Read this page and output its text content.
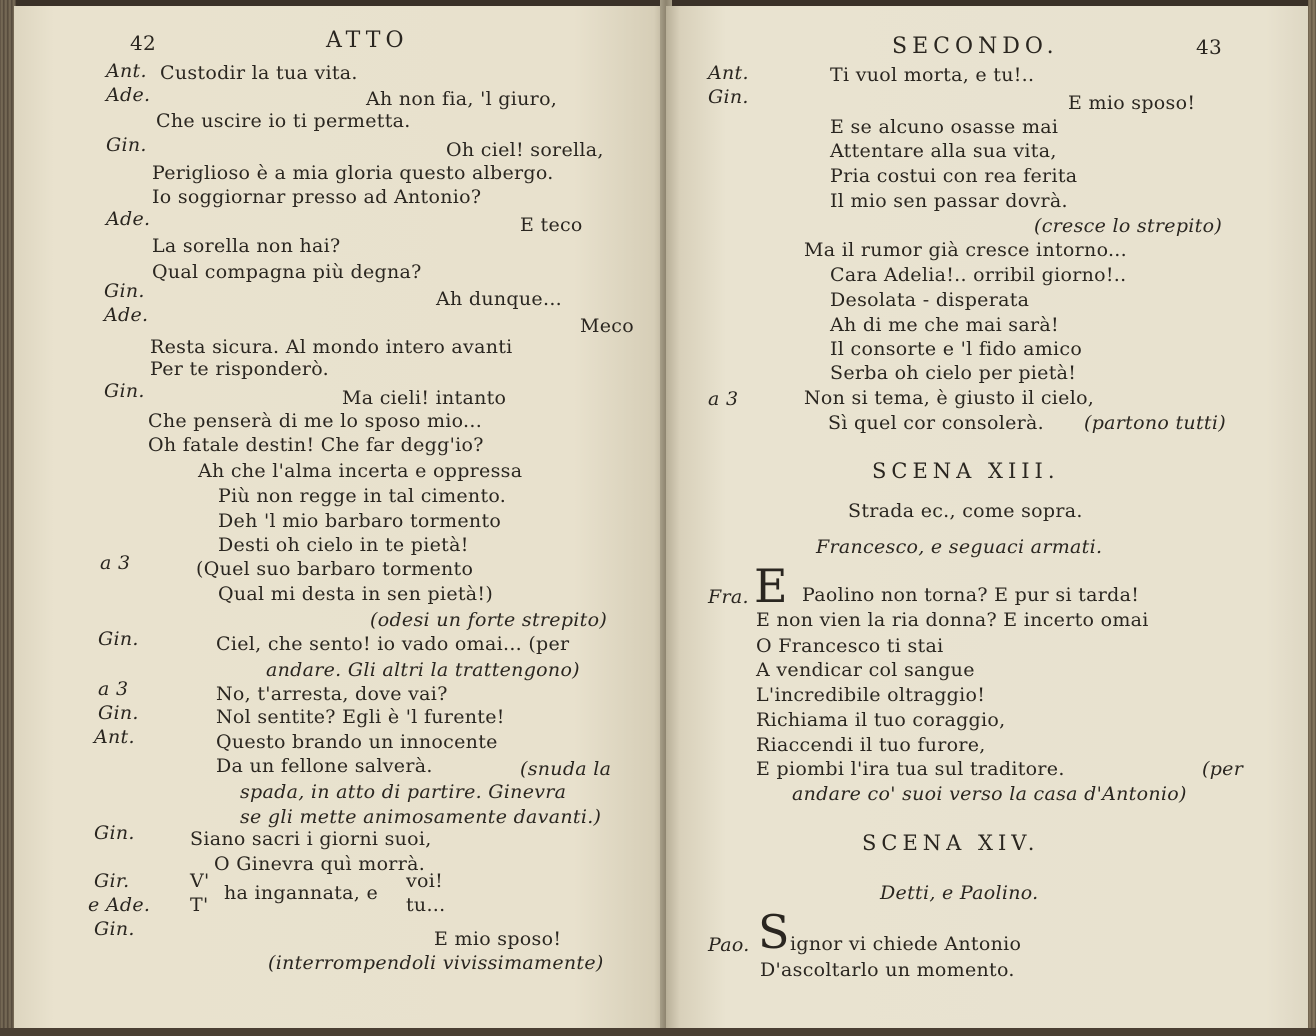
42	ATTO
Ant. Custodir la tua vita.
Ade.	Ah non fia, 'l giuro,
Che uscire io ti permetta.
Gin.	Oh ciel! sorella,
Periglioso è a mia gloria questo albergo.
Io soggiornar presso ad Antonio?
Ade.	E teco
La sorella non hai?
Qual compagna più degna?
Gin.	Ah dunque...
Ade.	Meco
Resta sicura. Al mondo intero avanti
Per te risponderò.
Gin.	Ma cieli! intanto
Che penserà di me lo sposo mio...
Oh fatale destin! Che far degg'io?
Ah che l'alma incerta e oppressa
Più non regge in tal cimento.
Deh 'l mio barbaro tormento
Desti oh cielo in te pietà!
a 3	(Quel suo barbaro tormento
Qual mi desta in sen pietà!)
(odesi un forte strepito)
Gin.	Ciel, che sento! io vado omai... (per
andare. Gli altri la trattengono)
a 3	No, t'arresta, dove vai?
Gin.	Nol sentite? Egli è 'l furente!
Ant.	Questo brando un innocente
Da un fellone salverà.	(snuda la
spada, in atto di partire. Ginevra
se gli mette animosamente davanti.)
Gin.	Siano sacri i giorni suoi,
O Ginevra quì morrà.
Gir.	V'
e Ade. T'
ha ingannata, e
voi!
tu...
Gin.	E mio sposo!
(interrompendoli vivissimamente)
SECONDO.	43
Ant.	Ti vuol morta, e tu!..
Gin.	E mio sposo!
E se alcuno osasse mai
Attentare alla sua vita,
Pria costui con rea ferita
Il mio sen passar dovrà.
(cresce lo strepito)
Ma il rumor già cresce intorno...
Cara Adelia!.. orribil giorno!..
Desolata - disperata
Ah di me che mai sarà!
Il consorte e 'l fido amico
Serba oh cielo per pietà!
a 3	Non si tema, è giusto il cielo,
Sì quel cor consolerà. (partono tutti)
SCENA XIII.
Strada ec., come sopra.
Francesco, e seguaci armati.
Fra. E Paolino non torna? E pur si tarda!
E non vien la ria donna? E incerto omai
O Francesco ti stai
A vendicar col sangue
L'incredibile oltraggio!
Richiama il tuo coraggio,
Riaccendi il tuo furore,
E piombi l'ira tua sul traditore.	(per
andare co' suoi verso la casa d'Antonio)
SCENA XIV.
Detti, e Paolino.
Pao. S ignor vi chiede Antonio
D'ascoltarlo un momento.
